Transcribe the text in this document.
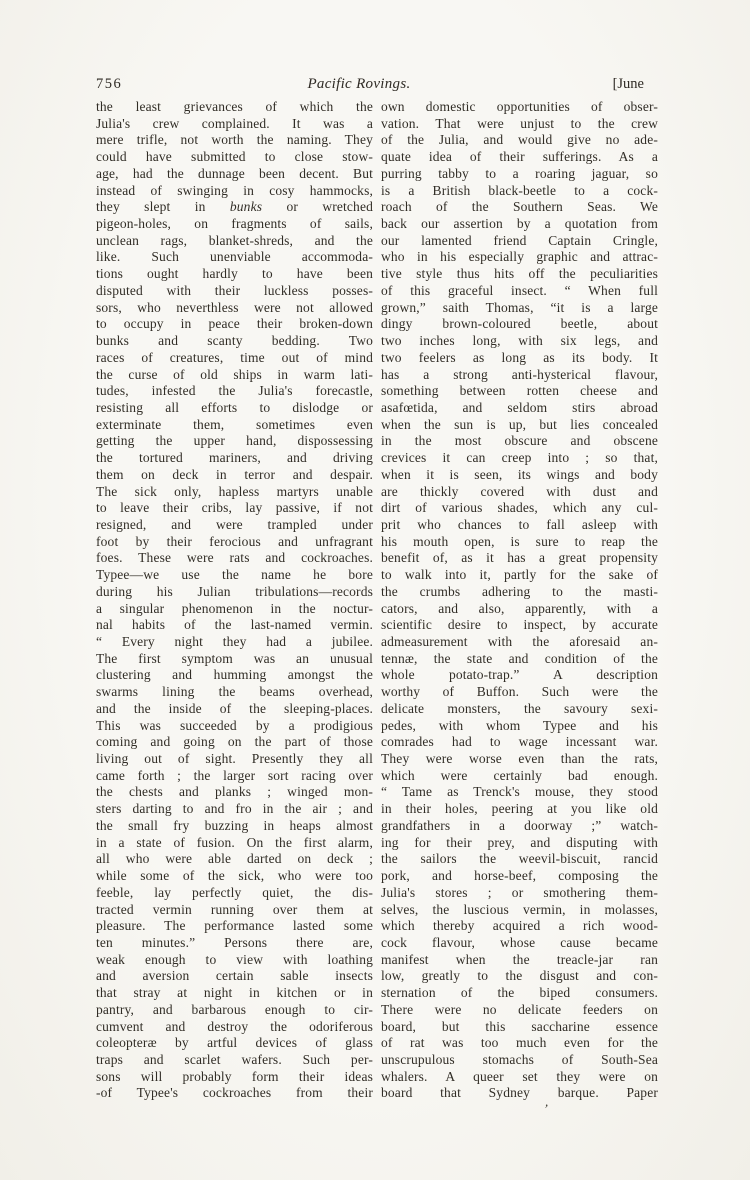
756	Pacific Rovings.	[June
the least grievances of which the
Julia's crew complained. It was a
mere trifle, not worth the naming. They
could have submitted to close stow-
age, had the dunnage been decent. But
instead of swinging in cosy hammocks,
they slept in bunks or wretched
pigeon-holes, on fragments of sails,
unclean rags, blanket-shreds, and the
like. Such unenviable accommoda-
tions ought hardly to have been
disputed with their luckless posses-
sors, who neverthless were not allowed
to occupy in peace their broken-down
bunks and scanty bedding. Two
races of creatures, time out of mind
the curse of old ships in warm lati-
tudes, infested the Julia's forecastle,
resisting all efforts to dislodge or
exterminate them, sometimes even
getting the upper hand, dispossessing
the tortured mariners, and driving
them on deck in terror and despair.
The sick only, hapless martyrs unable
to leave their cribs, lay passive, if not
resigned, and were trampled under
foot by their ferocious and unfragrant
foes. These were rats and cockroaches.
Typee—we use the name he bore
during his Julian tribulations—records
a singular phenomenon in the noctur-
nal habits of the last-named vermin.
“ Every night they had a jubilee.
The first symptom was an unusual
clustering and humming amongst the
swarms lining the beams overhead,
and the inside of the sleeping-places.
This was succeeded by a prodigious
coming and going on the part of those
living out of sight. Presently they all
came forth ; the larger sort racing over
the chests and planks ; winged mon-
sters darting to and fro in the air ; and
the small fry buzzing in heaps almost
in a state of fusion. On the first alarm,
all who were able darted on deck ;
while some of the sick, who were too
feeble, lay perfectly quiet, the dis-
tracted vermin running over them at
pleasure. The performance lasted some
ten minutes.” Persons there are,
weak enough to view with loathing
and aversion certain sable insects
that stray at night in kitchen or in
pantry, and barbarous enough to cir-
cumvent and destroy the odoriferous
coleopteræ by artful devices of glass
traps and scarlet wafers. Such per-
sons will probably form their ideas
-of Typee's cockroaches from their
own domestic opportunities of obser-
vation. That were unjust to the crew
of the Julia, and would give no ade-
quate idea of their sufferings. As a
purring tabby to a roaring jaguar, so
is a British black-beetle to a cock-
roach of the Southern Seas. We
back our assertion by a quotation from
our lamented friend Captain Cringle,
who in his especially graphic and attrac-
tive style thus hits off the peculiarities
of this graceful insect. “ When full
grown,” saith Thomas, “it is a large
dingy brown-coloured beetle, about
two inches long, with six legs, and
two feelers as long as its body. It
has a strong anti-hysterical flavour,
something between rotten cheese and
asafœtida, and seldom stirs abroad
when the sun is up, but lies concealed
in the most obscure and obscene
crevices it can creep into ; so that,
when it is seen, its wings and body
are thickly covered with dust and
dirt of various shades, which any cul-
prit who chances to fall asleep with
his mouth open, is sure to reap the
benefit of, as it has a great propensity
to walk into it, partly for the sake of
the crumbs adhering to the masti-
cators, and also, apparently, with a
scientific desire to inspect, by accurate
admeasurement with the aforesaid an-
tennæ, the state and condition of the
whole potato-trap.” A description
worthy of Buffon. Such were the
delicate monsters, the savoury sexi-
pedes, with whom Typee and his
comrades had to wage incessant war.
They were worse even than the rats,
which were certainly bad enough.
“ Tame as Trenck's mouse, they stood
in their holes, peering at you like old
grandfathers in a doorway ;” watch-
ing for their prey, and disputing with
the sailors the weevil-biscuit, rancid
pork, and horse-beef, composing the
Julia's stores ; or smothering them-
selves, the luscious vermin, in molasses,
which thereby acquired a rich wood-
cock flavour, whose cause became
manifest when the treacle-jar ran
low, greatly to the disgust and con-
sternation of the biped consumers.
There were no delicate feeders on
board, but this saccharine essence
of rat was too much even for the
unscrupulous stomachs of South-Sea
whalers. A queer set they were on
board that Sydney barque. Paper
’
